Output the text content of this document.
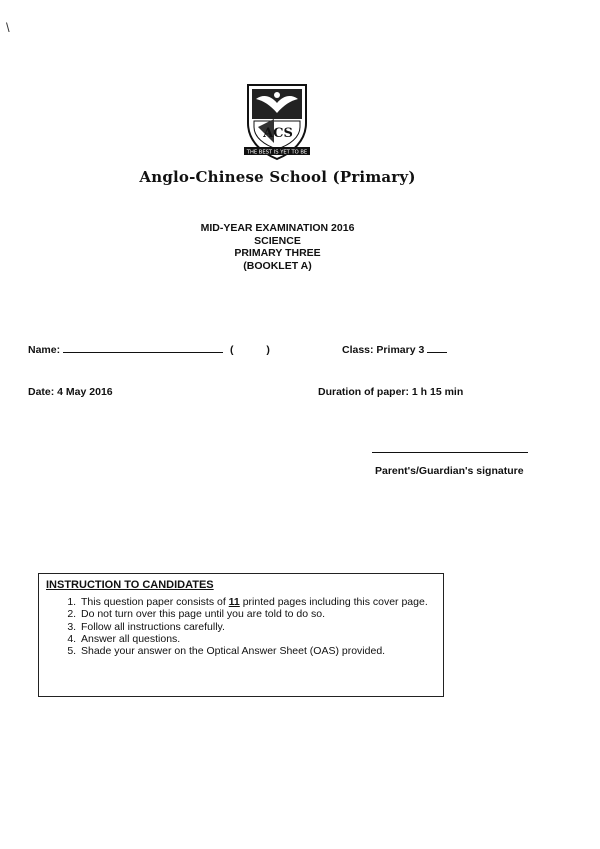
\
ACS
THE BEST IS YET TO BE
Anglo-Chinese School (Primary)
MID-YEAR EXAMINATION 2016
SCIENCE
PRIMARY THREE
(BOOKLET A)
Name:	(	)	Class: Primary 3
Date: 4 May 2016	Duration of paper: 1 h 15 min
Parent's/Guardian's signature
INSTRUCTION TO CANDIDATES
1. This question paper consists of 11 printed pages including this cover page.
2. Do not turn over this page until you are told to do so.
3. Follow all instructions carefully.
4. Answer all questions.
5. Shade your answer on the Optical Answer Sheet (OAS) provided.
